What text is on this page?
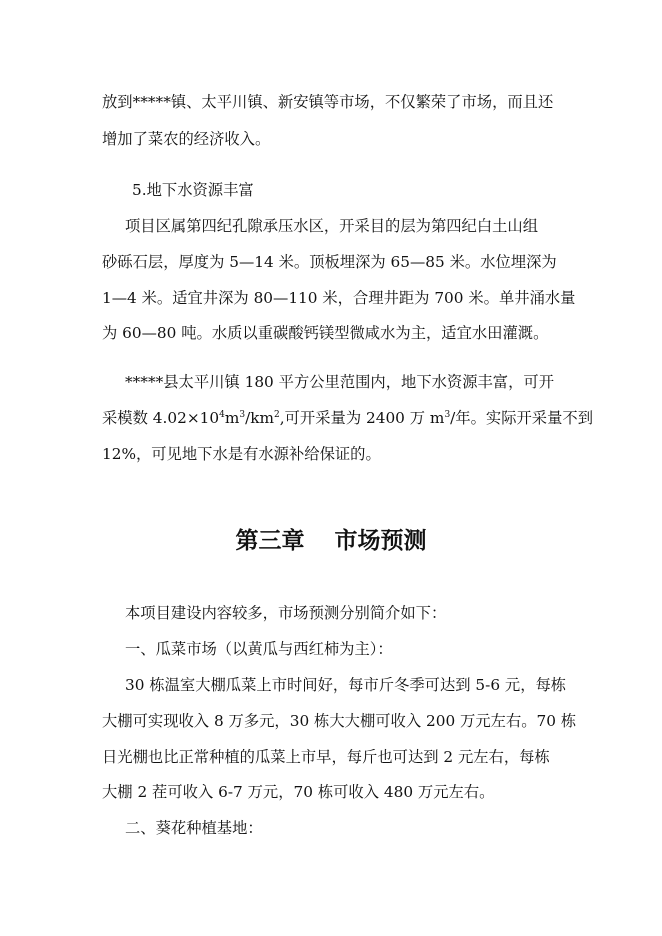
放到*****镇、太平川镇、新安镇等市场，不仅繁荣了市场，而且还
增加了菜农的经济收入。
5.地下水资源丰富
项目区属第四纪孔隙承压水区，开采目的层为第四纪白土山组
砂砾石层，厚度为 5—14 米。顶板埋深为 65—85 米。水位埋深为
1—4 米。适宜井深为 80—110 米，合理井距为 700 米。单井涌水量
为 60—80 吨。水质以重碳酸钙镁型微咸水为主，适宜水田灌溉。
*****县太平川镇 180 平方公里范围内，地下水资源丰富，可开
采模数 $4.02\times 10^4m^3/km^2$,可开采量为 2400 万 $m^3/$年。实际开采量不到
12%，可见地下水是有水源补给保证的。
第三章 市场预测
本项目建设内容较多，市场预测分别简介如下：
一、瓜菜市场（以黄瓜与西红柿为主）：
30 栋温室大棚瓜菜上市时间好，每市斤冬季可达到 5-6 元，每栋
大棚可实现收入 8 万多元，30 栋大大棚可收入 200 万元左右。70 栋
日光棚也比正常种植的瓜菜上市早，每斤也可达到 2 元左右，每栋
大棚 2 茬可收入 6-7 万元，70 栋可收入 480 万元左右。
二、葵花种植基地：
